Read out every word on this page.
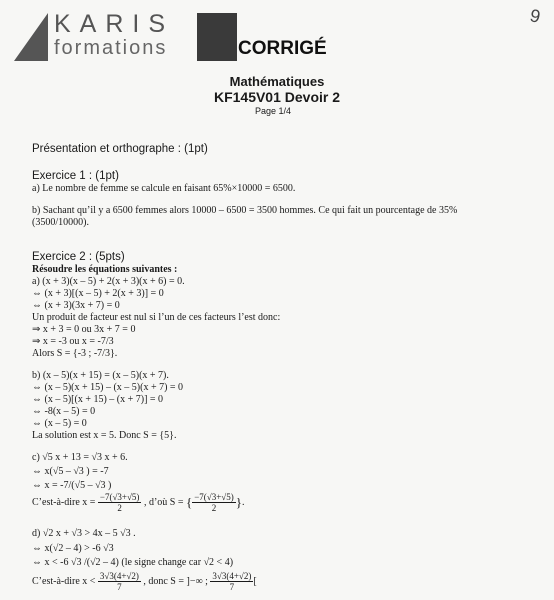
KARIS
formations	CORRIGÉ
9
Mathématiques
KF145V01 Devoir 2
Page 1/4
Présentation et orthographe : (1pt)
Exercice 1 : (1pt)
a) Le nombre de femme se calcule en faisant 65%×10000 = 6500.
b) Sachant qu’il y a 6500 femmes alors 10000 – 6500 = 3500 hommes. Ce qui fait un pourcentage de 35%
(3500/10000).
Exercice 2 : (5pts)
Résoudre les équations suivantes :
a) (x + 3)(x – 5) + 2(x + 3)(x + 6) = 0.
⇔ (x + 3)[(x – 5) + 2(x + 3)] = 0
⇔ (x + 3)(3x + 7) = 0
Un produit de facteur est nul si l’un de ces facteurs l’est donc:
⇒ x + 3 = 0 ou 3x + 7 = 0
⇒ x = -3 ou x = -7/3
Alors S = {-3 ; -7/3}.
b) (x – 5)(x + 15) = (x – 5)(x + 7).
⇔ (x – 5)(x + 15) – (x – 5)(x + 7) = 0
⇔ (x – 5)[(x + 15) – (x + 7)] = 0
⇔ -8(x – 5) = 0
⇔ (x – 5) = 0
La solution est x = 5. Donc S = {5}.
c) √5 x + 13 = √3 x + 6.
⇔ x(√5 – √3 ) = -7
⇔ x = -7/(√5 – √3 )
C’est-à-dire $x = \frac{-7(√3+√5)}{2}$ , d’où S = { $\frac{-7(√3+√5)}{2}$ }.
d) √2 x + √3 > 4x – 5 √3 .
⇔ x(√2 – 4) > -6 √3
⇔ x < -6 √3 /(√2 – 4) (le signe change car √2 < 4)
C’est-à-dire $x < \frac{3√3(4+√2)}{7}$ , donc S = ]−∞ ; $\frac{3√3(4+√2)}{7}$ [
